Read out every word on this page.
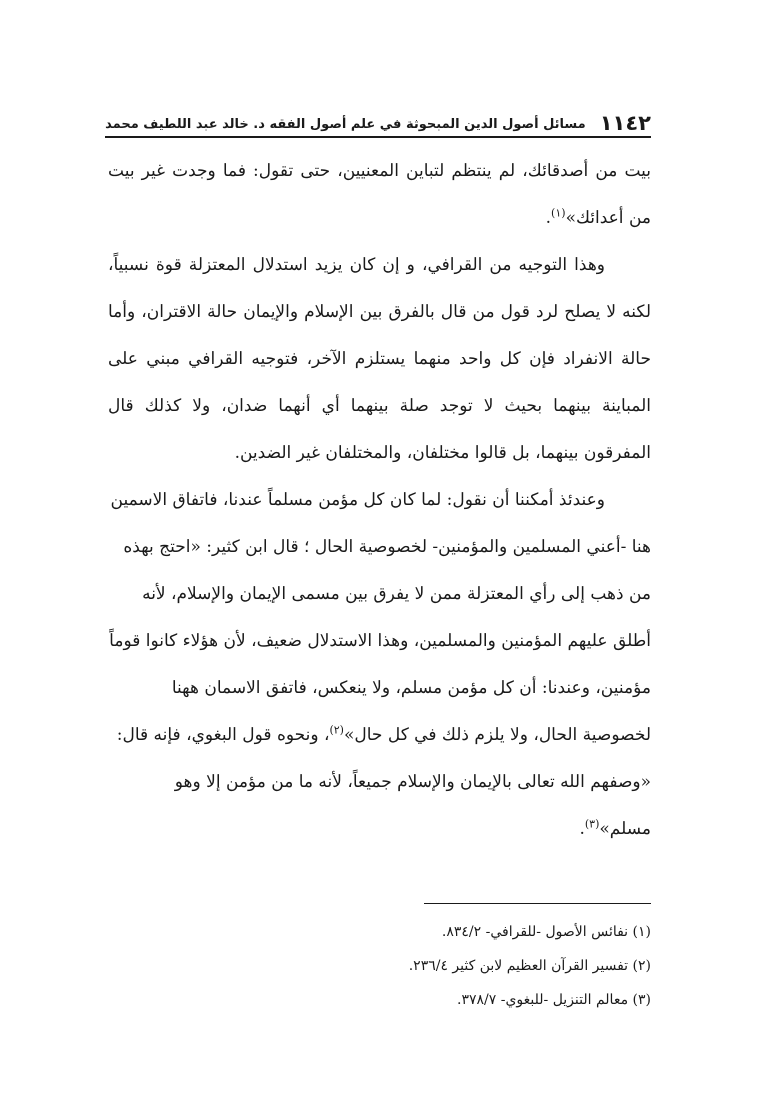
١١٤٢
مسائل أصول الدين المبحوثة في علم أصول الفقه د. خالد عبد اللطيف محمد

بيت من أصدقائك، لم ينتظم لتباين المعنيين، حتى تقول: فما وجدت غير بيت من أعدائك»$^{(١)}$.

وهذا التوجيه من القرافي، و إن كان يزيد استدلال المعتزلة قوة نسبياً، لكنه لا يصلح لرد قول من قال بالفرق بين الإسلام والإيمان حالة الاقتران، وأما حالة الانفراد فإن كل واحد منهما يستلزم الآخر، فتوجيه القرافي مبني على المباينة بينهما بحيث لا توجد صلة بينهما أي أنهما ضدان، ولا كذلك قال المفرقون بينهما، بل قالوا مختلفان، والمختلفان غير الضدين.

وعندئذ أمكننا أن نقول: لما كان كل مؤمن مسلماً عندنا، فاتفاق الاسمين هنا -أعني المسلمين والمؤمنين- لخصوصية الحال ؛ قال ابن كثير: «احتج بهذه من ذهب إلى رأي المعتزلة ممن لا يفرق بين مسمى الإيمان والإسلام، لأنه أطلق عليهم المؤمنين والمسلمين، وهذا الاستدلال ضعيف، لأن هؤلاء كانوا قوماً مؤمنين، وعندنا: أن كل مؤمن مسلم، ولا ينعكس، فاتفق الاسمان ههنا لخصوصية الحال، ولا يلزم ذلك في كل حال»$^{(٢)}$، ونحوه قول البغوي، فإنه قال: «وصفهم الله تعالى بالإيمان والإسلام جميعاً، لأنه ما من مؤمن إلا وهو مسلم»$^{(٣)}$.

(١) نفائس الأصول -للقرافي- ٨٣٤/٢.
(٢) تفسير القرآن العظيم لابن كثير ٢٣٦/٤.
(٣) معالم التنزيل -للبغوي- ٣٧٨/٧.
